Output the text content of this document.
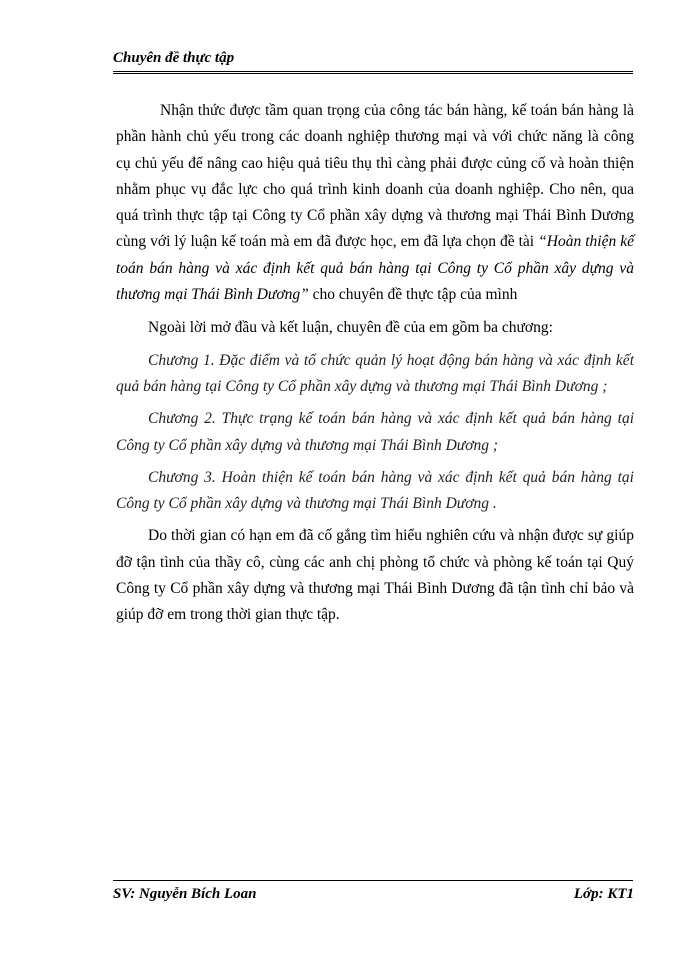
Chuyên đề thực tập

Nhận thức được tầm quan trọng của công tác bán hàng, kế toán bán hàng là phần hành chủ yếu trong các doanh nghiệp thương mại và với chức năng là công cụ chủ yếu để nâng cao hiệu quả tiêu thụ thì càng phải được củng cố và hoàn thiện nhằm phục vụ đắc lực cho quá trình kinh doanh của doanh nghiệp. Cho nên, qua quá trình thực tập tại Công ty Cổ phần xây dựng và thương mại Thái Bình Dương cùng với lý luận kế toán mà em đã được học, em đã lựa chọn đề tài “Hoàn thiện kế toán bán hàng và xác định kết quả bán hàng tại Công ty Cổ phần xây dựng và thương mại Thái Bình Dương” cho chuyên đề thực tập của mình

Ngoài lời mở đầu và kết luận, chuyên đề của em gồm ba chương:

Chương 1. Đặc điểm và tổ chức quản lý hoạt động bán hàng và xác định kết quả bán hàng tại Công ty Cổ phần xây dựng và thương mại Thái Bình Dương ;

Chương 2. Thực trạng kế toán bán hàng và xác định kết quả bán hàng tại Công ty Cổ phần xây dựng và thương mại Thái Bình Dương ;

Chương 3. Hoàn thiện kế toán bán hàng và xác định kết quả bán hàng tại Công ty Cổ phần xây dựng và thương mại Thái Bình Dương .

Do thời gian có hạn em đã cố gắng tìm hiểu nghiên cứu và nhận được sự giúp đỡ tận tình của thầy cô, cùng các anh chị phòng tổ chức và phòng kế toán tại Quý Công ty Cổ phần xây dựng và thương mại Thái Bình Dương đã tận tình chỉ bảo và giúp đỡ em trong thời gian thực tập.

SV: Nguyễn Bích Loan	Lớp: KT1
